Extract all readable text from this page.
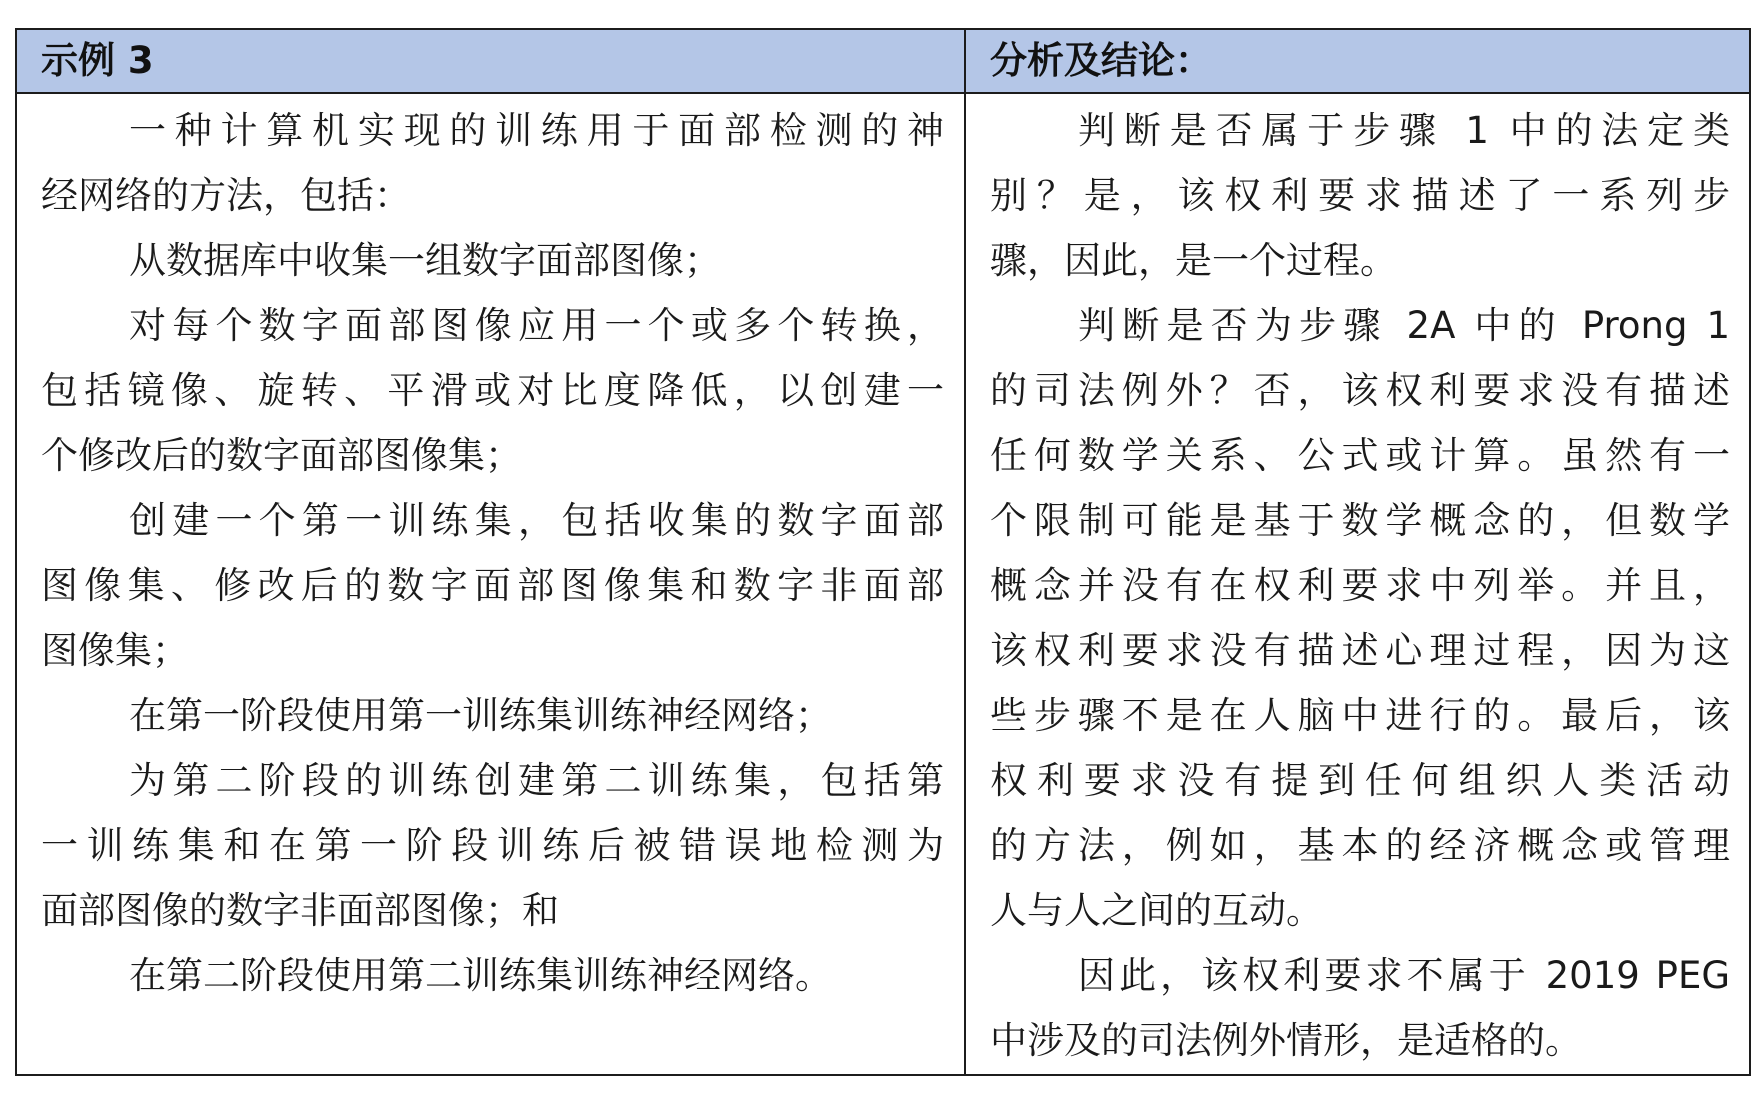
示例 3	分析及结论：
一种计算机实现的训练用于面部检测的神
经网络的方法，包括：
从数据库中收集一组数字面部图像；
对每个数字面部图像应用一个或多个转换，
包括镜像、旋转、平滑或对比度降低，以创建一
个修改后的数字面部图像集；
创建一个第一训练集，包括收集的数字面部
图像集、修改后的数字面部图像集和数字非面部
图像集；
在第一阶段使用第一训练集训练神经网络；
为第二阶段的训练创建第二训练集，包括第
一训练集和在第一阶段训练后被错误地检测为
面部图像的数字非面部图像；和
在第二阶段使用第二训练集训练神经网络。
判断是否属于步骤 1 中的法定类
别？是，该权利要求描述了一系列步
骤，因此，是一个过程。
判断是否为步骤 2A 中的 Prong 1
的司法例外？否，该权利要求没有描述
任何数学关系、公式或计算。虽然有一
个限制可能是基于数学概念的，但数学
概念并没有在权利要求中列举。并且，
该权利要求没有描述心理过程，因为这
些步骤不是在人脑中进行的。最后，该
权利要求没有提到任何组织人类活动
的方法，例如，基本的经济概念或管理
人与人之间的互动。
因此，该权利要求不属于 2019 PEG
中涉及的司法例外情形，是适格的。
